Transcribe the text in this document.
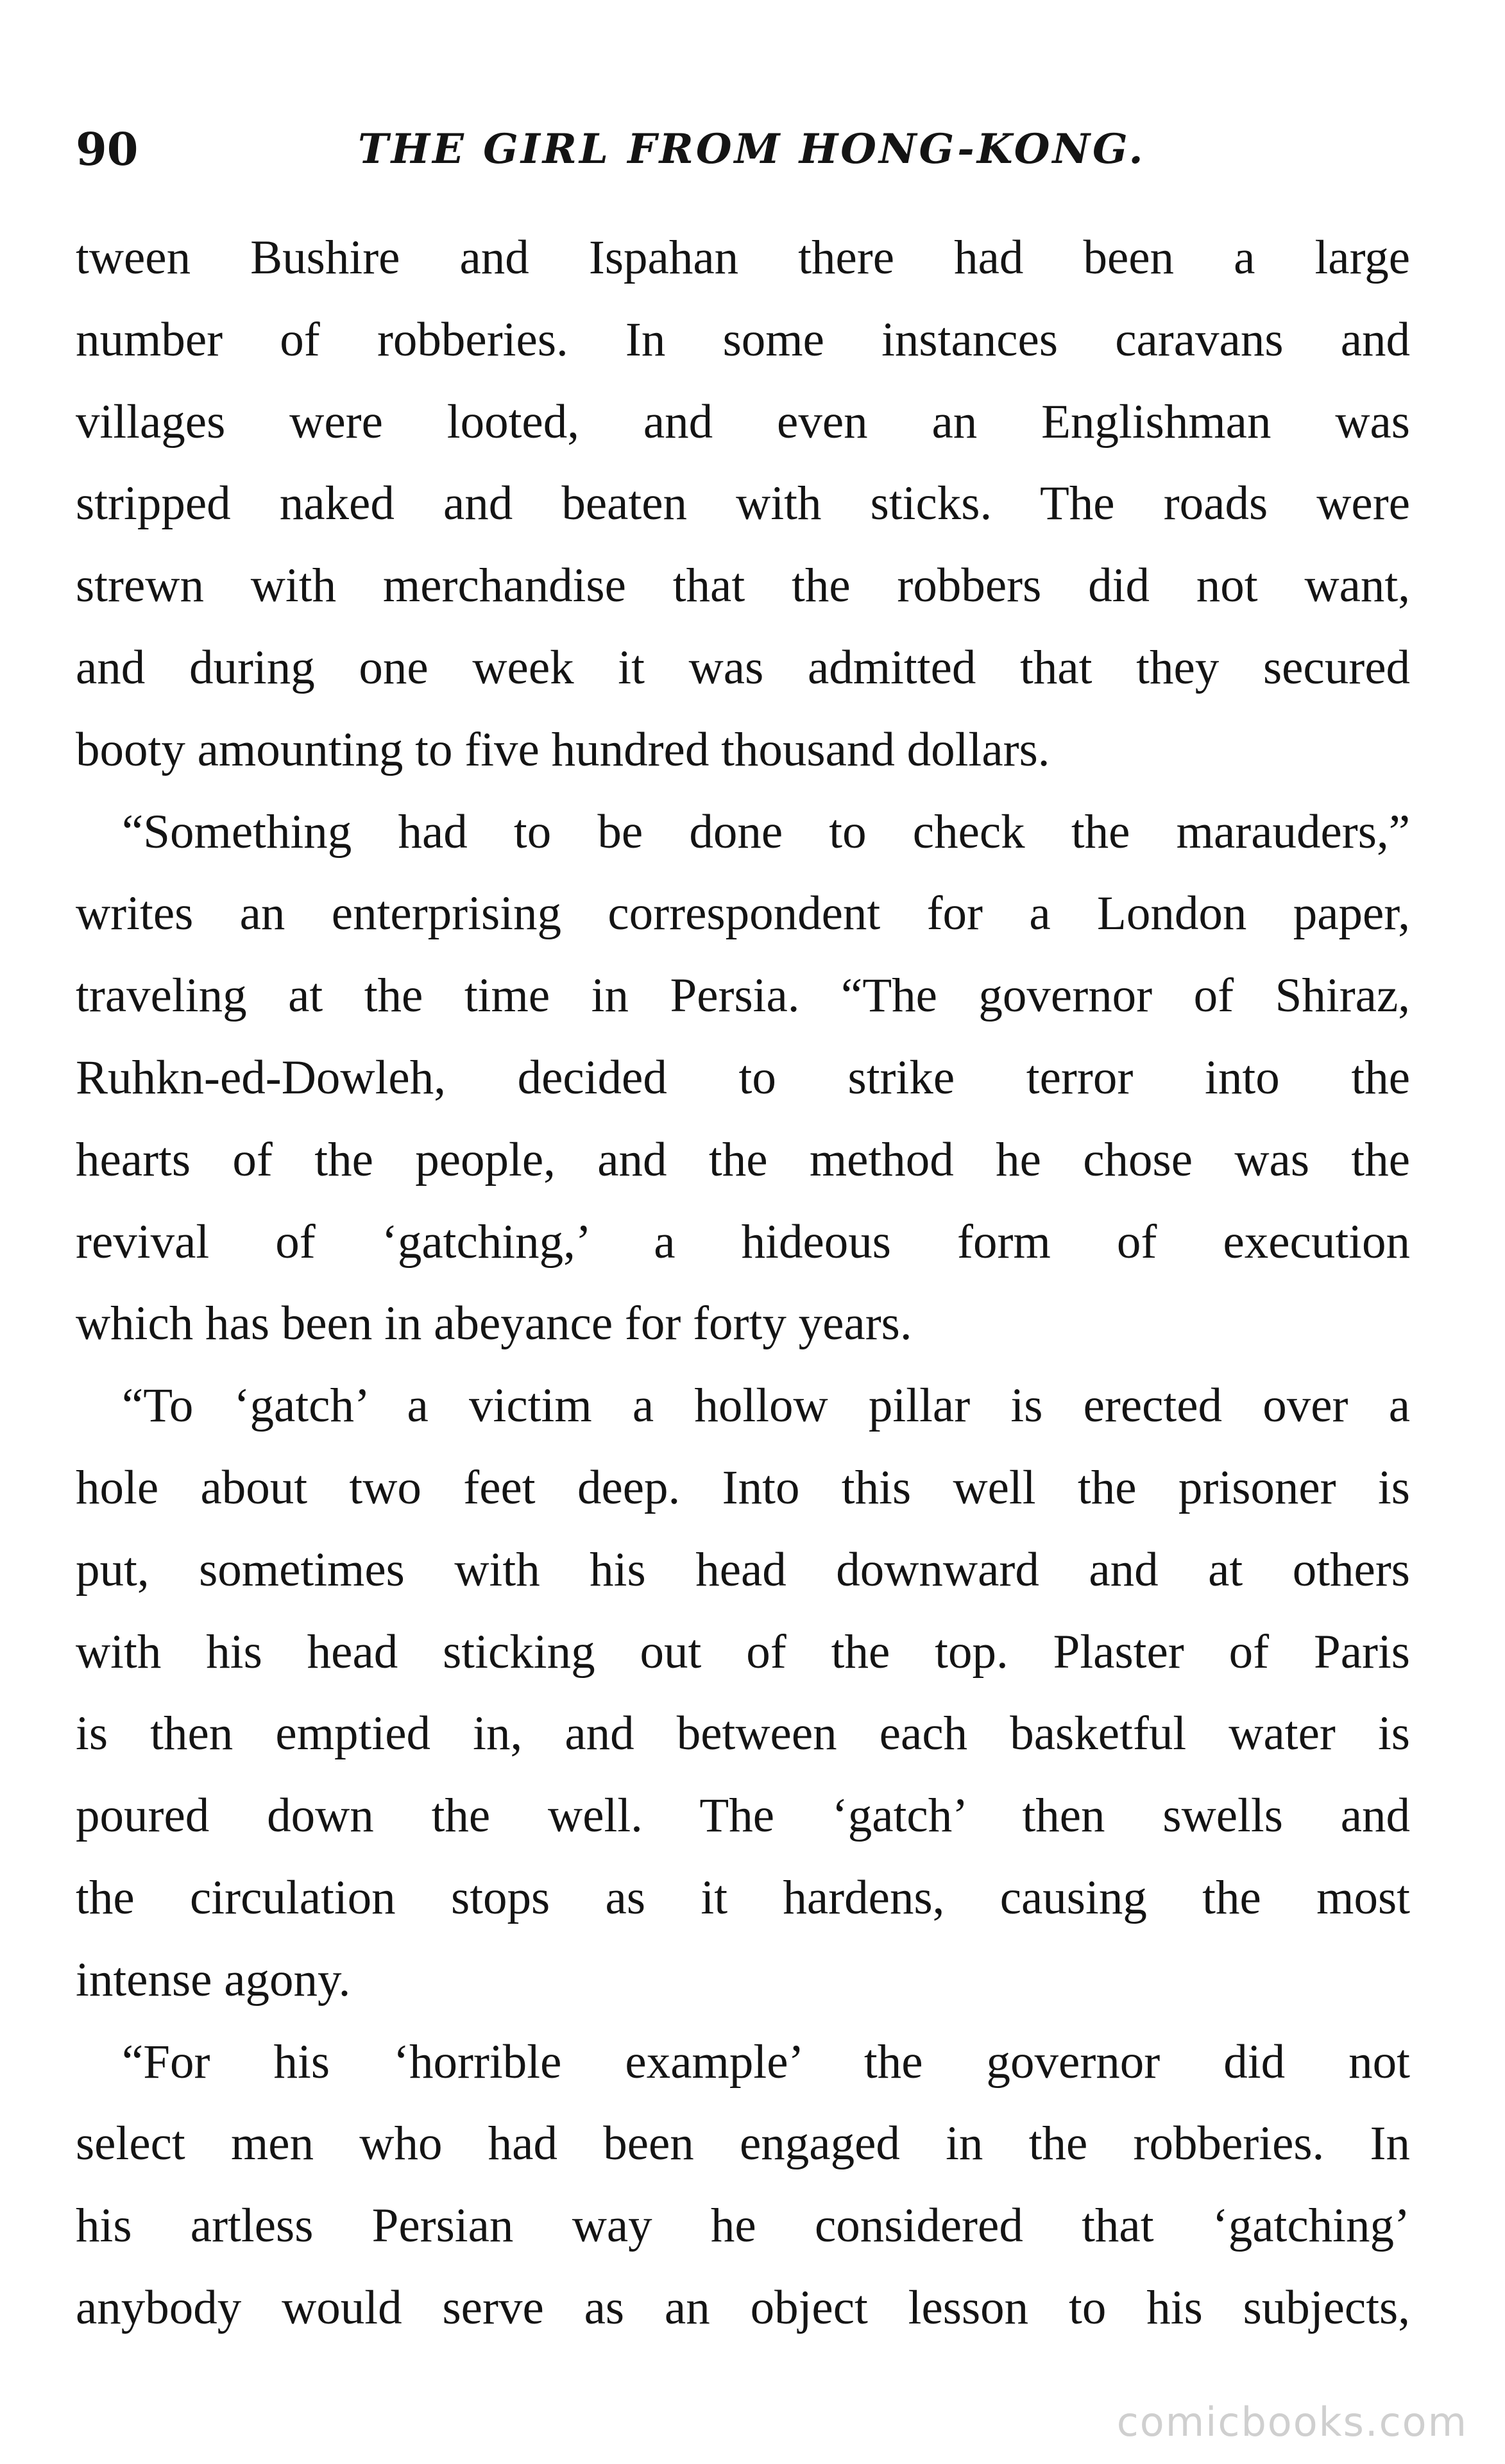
90	THE GIRL FROM HONG-KONG.

tween Bushire and Ispahan there had been a large
number of robberies. In some instances caravans and
villages were looted, and even an Englishman was
stripped naked and beaten with sticks. The roads were
strewn with merchandise that the robbers did not want,
and during one week it was admitted that they secured
booty amounting to five hundred thousand dollars.

“Something had to be done to check the marauders,”
writes an enterprising correspondent for a London paper,
traveling at the time in Persia. “The governor of Shiraz,
Ruhkn-ed-Dowleh, decided to strike terror into the
hearts of the people, and the method he chose was the
revival of ‘gatching,’ a hideous form of execution
which has been in abeyance for forty years.

“To ‘gatch’ a victim a hollow pillar is erected over a
hole about two feet deep. Into this well the prisoner is
put, sometimes with his head downward and at others
with his head sticking out of the top. Plaster of Paris
is then emptied in, and between each basketful water is
poured down the well. The ‘gatch’ then swells and
the circulation stops as it hardens, causing the most
intense agony.

“For his ‘horrible example’ the governor did not
select men who had been engaged in the robberies. In
his artless Persian way he considered that ‘gatching’
anybody would serve as an object lesson to his subjects,

comicbooks.com
